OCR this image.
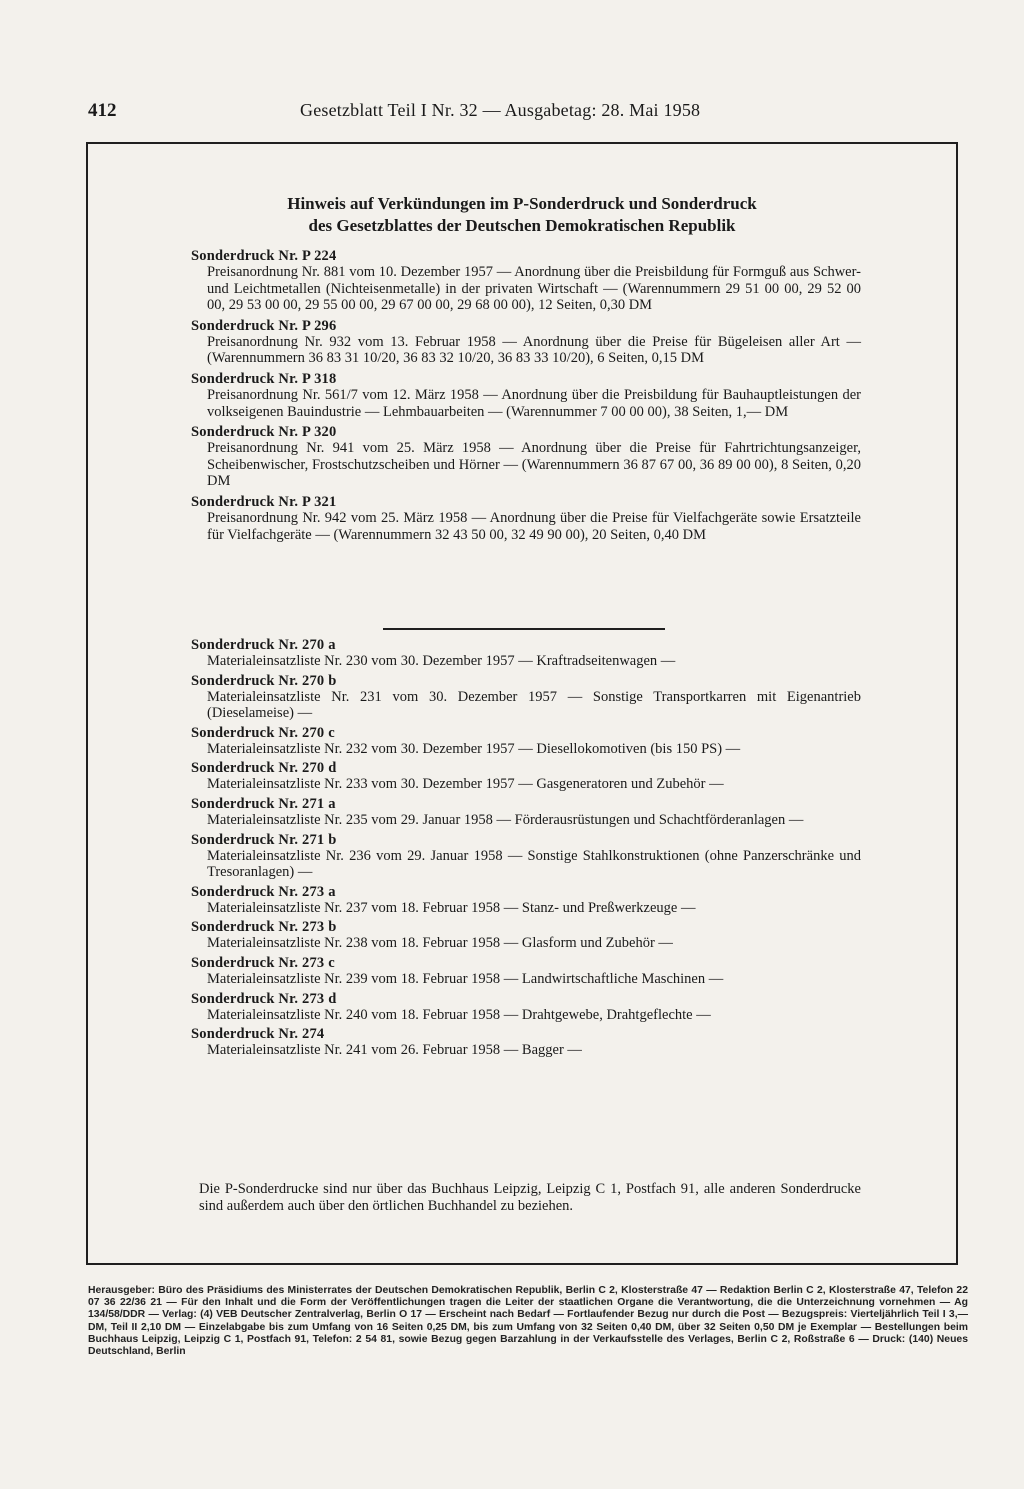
412	Gesetzblatt Teil I Nr. 32 — Ausgabetag: 28. Mai 1958
Hinweis auf Verkündungen im P-Sonderdruck und Sonderdruck
des Gesetzblattes der Deutschen Demokratischen Republik
Sonderdruck Nr. P 224
Preisanordnung Nr. 881 vom 10. Dezember 1957 — Anordnung über die Preisbildung für Formguß aus Schwer- und Leichtmetallen (Nichteisenmetalle) in der privaten Wirtschaft — (Warennummern 29 51 00 00, 29 52 00 00, 29 53 00 00, 29 55 00 00, 29 67 00 00, 29 68 00 00), 12 Seiten, 0,30 DM
Sonderdruck Nr. P 296
Preisanordnung Nr. 932 vom 13. Februar 1958 — Anordnung über die Preise für Bügeleisen aller Art — (Warennummern 36 83 31 10/20, 36 83 32 10/20, 36 83 33 10/20), 6 Seiten, 0,15 DM
Sonderdruck Nr. P 318
Preisanordnung Nr. 561/7 vom 12. März 1958 — Anordnung über die Preisbildung für Bauhauptleistungen der volkseigenen Bauindustrie — Lehmbauarbeiten — (Warennummer 7 00 00 00), 38 Seiten, 1,— DM
Sonderdruck Nr. P 320
Preisanordnung Nr. 941 vom 25. März 1958 — Anordnung über die Preise für Fahrtrichtungsanzeiger, Scheibenwischer, Frostschutzscheiben und Hörner — (Warennummern 36 87 67 00, 36 89 00 00), 8 Seiten, 0,20 DM
Sonderdruck Nr. P 321
Preisanordnung Nr. 942 vom 25. März 1958 — Anordnung über die Preise für Vielfachgeräte sowie Ersatzteile für Vielfachgeräte — (Warennummern 32 43 50 00, 32 49 90 00), 20 Seiten, 0,40 DM
Sonderdruck Nr. 270 a
Materialeinsatzliste Nr. 230 vom 30. Dezember 1957 — Kraftradseitenwagen —
Sonderdruck Nr. 270 b
Materialeinsatzliste Nr. 231 vom 30. Dezember 1957 — Sonstige Transportkarren mit Eigenantrieb (Dieselameise) —
Sonderdruck Nr. 270 c
Materialeinsatzliste Nr. 232 vom 30. Dezember 1957 — Diesellokomotiven (bis 150 PS) —
Sonderdruck Nr. 270 d
Materialeinsatzliste Nr. 233 vom 30. Dezember 1957 — Gasgeneratoren und Zubehör —
Sonderdruck Nr. 271 a
Materialeinsatzliste Nr. 235 vom 29. Januar 1958 — Förderausrüstungen und Schachtförderanlagen —
Sonderdruck Nr. 271 b
Materialeinsatzliste Nr. 236 vom 29. Januar 1958 — Sonstige Stahlkonstruktionen (ohne Panzerschränke und Tresoranlagen) —
Sonderdruck Nr. 273 a
Materialeinsatzliste Nr. 237 vom 18. Februar 1958 — Stanz- und Preßwerkzeuge —
Sonderdruck Nr. 273 b
Materialeinsatzliste Nr. 238 vom 18. Februar 1958 — Glasform und Zubehör —
Sonderdruck Nr. 273 c
Materialeinsatzliste Nr. 239 vom 18. Februar 1958 — Landwirtschaftliche Maschinen —
Sonderdruck Nr. 273 d
Materialeinsatzliste Nr. 240 vom 18. Februar 1958 — Drahtgewebe, Drahtgeflechte —
Sonderdruck Nr. 274
Materialeinsatzliste Nr. 241 vom 26. Februar 1958 — Bagger —
Die P-Sonderdrucke sind nur über das Buchhaus Leipzig, Leipzig C 1, Postfach 91, alle anderen Sonderdrucke sind außerdem auch über den örtlichen Buchhandel zu beziehen.
Herausgeber: Büro des Präsidiums des Ministerrates der Deutschen Demokratischen Republik, Berlin C 2, Klosterstraße 47 — Redaktion Berlin C 2, Klosterstraße 47, Telefon 22 07 36 22/36 21 — Für den Inhalt und die Form der Veröffentlichungen tragen die Leiter der staatlichen Organe die Verantwortung, die die Unterzeichnung vornehmen — Ag 134/58/DDR — Verlag: (4) VEB Deutscher Zentralverlag, Berlin O 17 — Erscheint nach Bedarf — Fortlaufender Bezug nur durch die Post — Bezugspreis: Vierteljährlich Teil I 3,— DM, Teil II 2,10 DM — Einzelabgabe bis zum Umfang von 16 Seiten 0,25 DM, bis zum Umfang von 32 Seiten 0,40 DM, über 32 Seiten 0,50 DM je Exemplar — Bestellungen beim Buchhaus Leipzig, Leipzig C 1, Postfach 91, Telefon: 2 54 81, sowie Bezug gegen Barzahlung in der Verkaufsstelle des Verlages, Berlin C 2, Roßstraße 6 — Druck: (140) Neues Deutschland, Berlin
